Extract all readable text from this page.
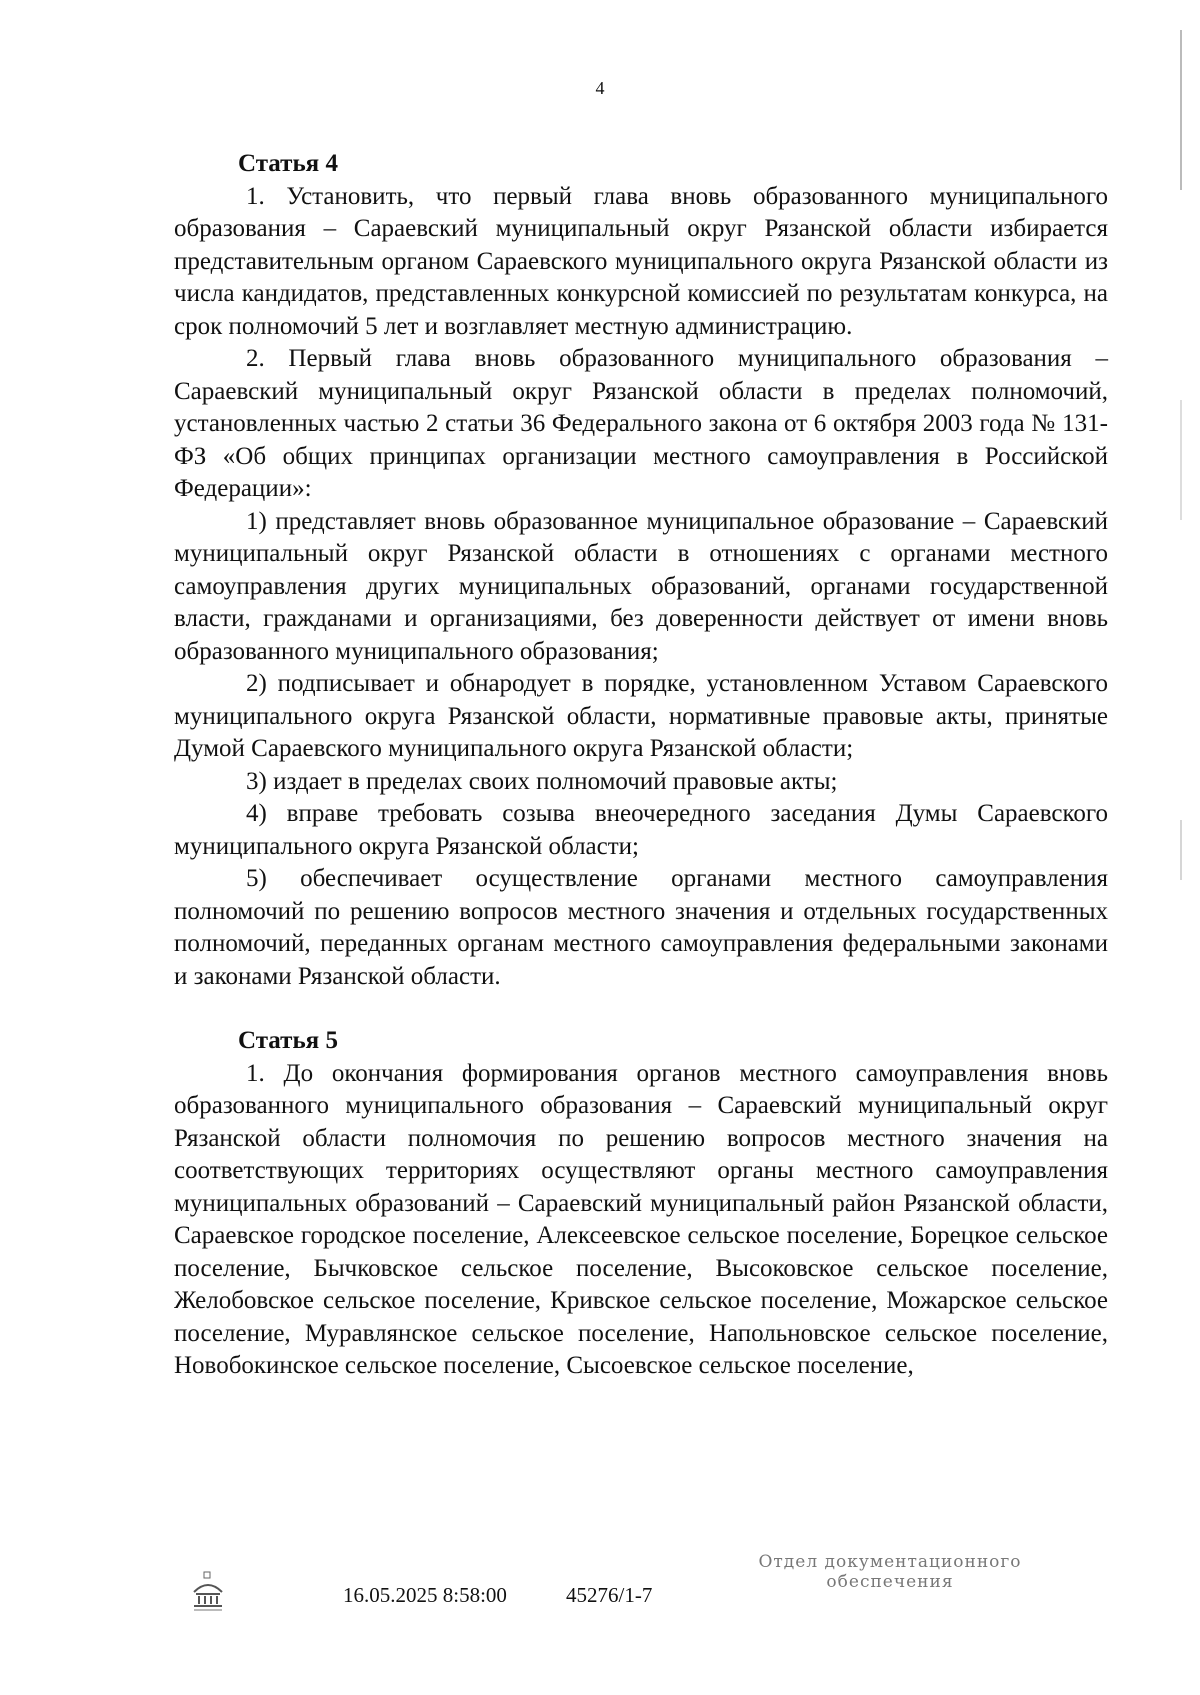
4
Статья 4

1. Установить, что первый глава вновь образованного муниципального образования – Сараевский муниципальный округ Рязанской области избирается представительным органом Сараевского муниципального округа Рязанской области из числа кандидатов, представленных конкурсной комиссией по результатам конкурса, на срок полномочий 5 лет и возглавляет местную администрацию.

2. Первый глава вновь образованного муниципального образования – Сараевский муниципальный округ Рязанской области в пределах полномочий, установленных частью 2 статьи 36 Федерального закона от 6 октября 2003 года № 131-ФЗ «Об общих принципах организации местного самоуправления в Российской Федерации»:

1) представляет вновь образованное муниципальное образование – Сараевский муниципальный округ Рязанской области в отношениях с органами местного самоуправления других муниципальных образований, органами государственной власти, гражданами и организациями, без доверенности действует от имени вновь образованного муниципального образования;

2) подписывает и обнародует в порядке, установленном Уставом Сараевского муниципального округа Рязанской области, нормативные правовые акты, принятые Думой Сараевского муниципального округа Рязанской области;

3) издает в пределах своих полномочий правовые акты;

4) вправе требовать созыва внеочередного заседания Думы Сараевского муниципального округа Рязанской области;

5) обеспечивает осуществление органами местного самоуправления полномочий по решению вопросов местного значения и отдельных государственных полномочий, переданных органам местного самоуправления федеральными законами и законами Рязанской области.

Статья 5

1. До окончания формирования органов местного самоуправления вновь образованного муниципального образования – Сараевский муниципальный округ Рязанской области полномочия по решению вопросов местного значения на соответствующих территориях осуществляют органы местного самоуправления муниципальных образований – Сараевский муниципальный район Рязанской области, Сараевское городское поселение, Алексеевское сельское поселение, Борецкое сельское поселение, Бычковское сельское поселение, Высоковское сельское поселение, Желобовское сельское поселение, Кривское сельское поселение, Можарское сельское поселение, Муравлянское сельское поселение, Напольновское сельское поселение, Новобокинское сельское поселение, Сысоевское сельское поселение,

16.05.2025 8:58:00	45276/1-7
Отдел документационного
обеспечения
